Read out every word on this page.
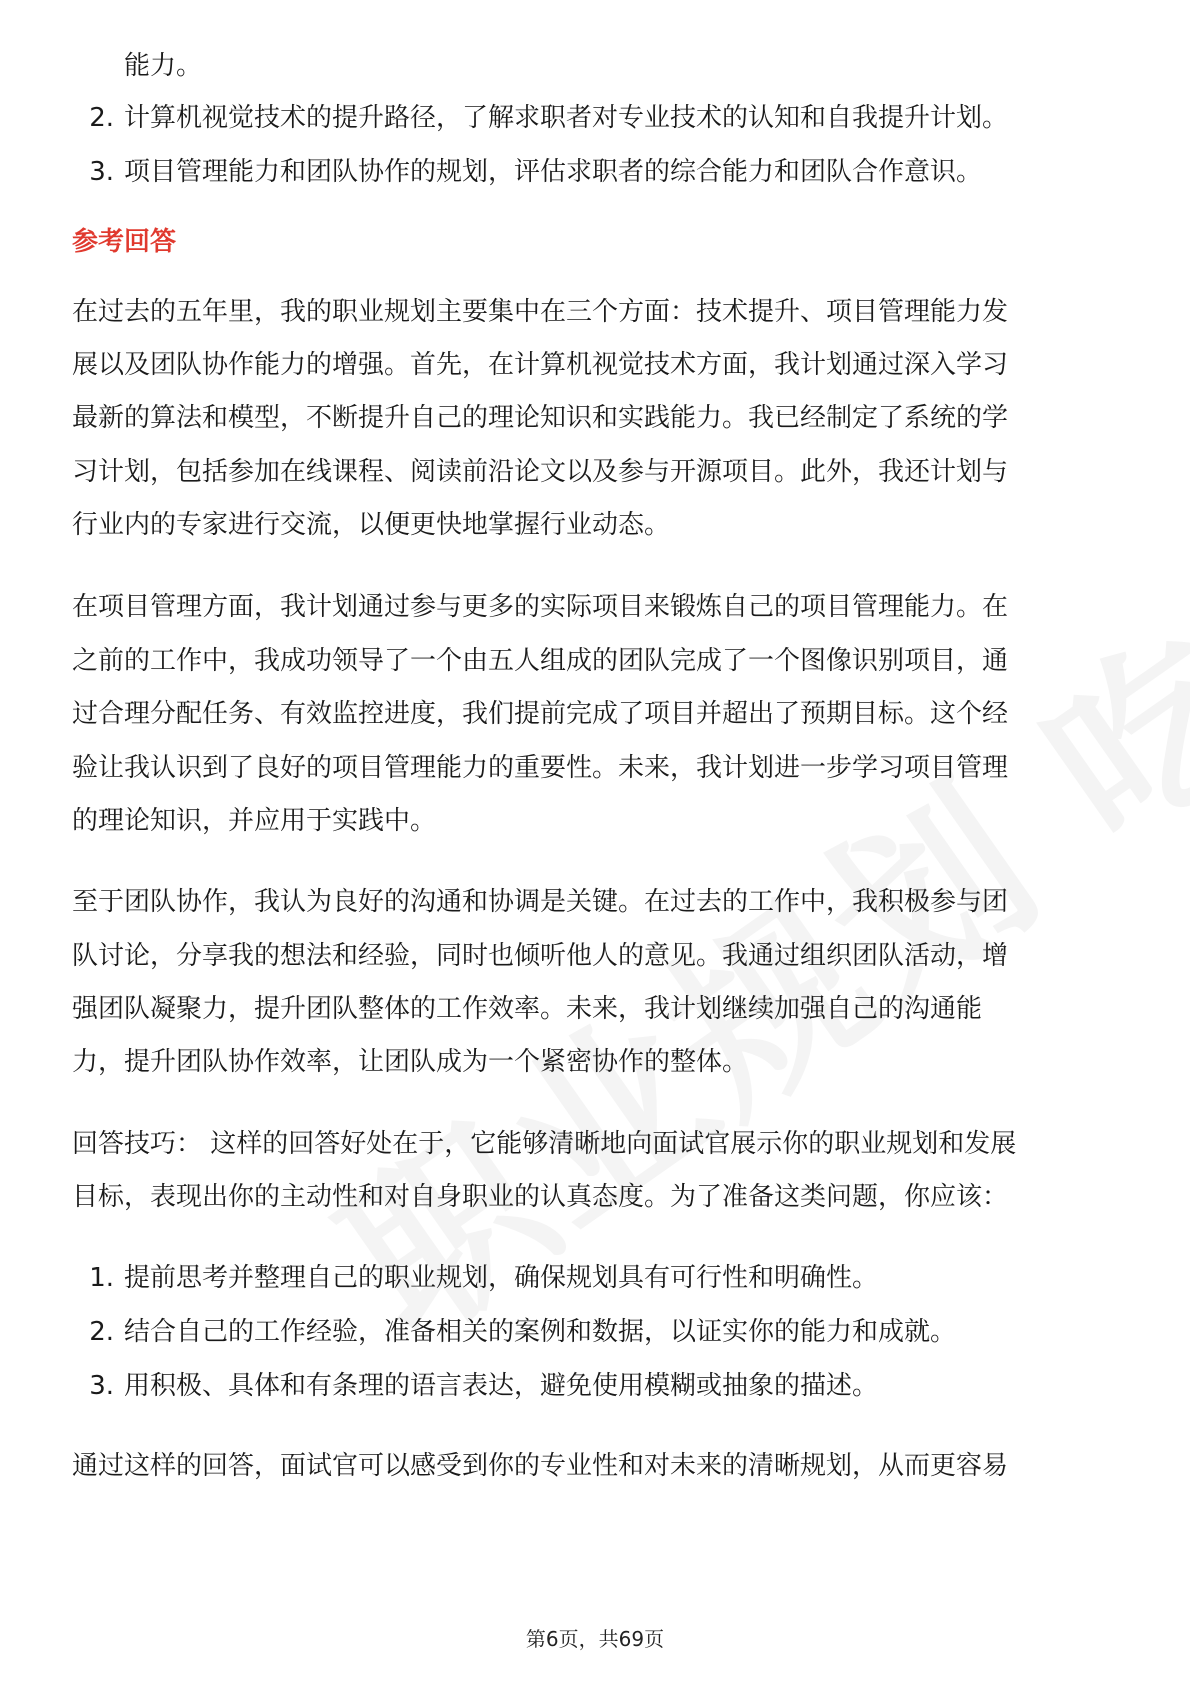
能力。
2. 计算机视觉技术的提升路径，了解求职者对专业技术的认知和自我提升计划。
3. 项目管理能力和团队协作的规划，评估求职者的综合能力和团队合作意识。
参考回答
在过去的五年里，我的职业规划主要集中在三个方面：技术提升、项目管理能力发
展以及团队协作能力的增强。首先，在计算机视觉技术方面，我计划通过深入学习
最新的算法和模型，不断提升自己的理论知识和实践能力。我已经制定了系统的学
习计划，包括参加在线课程、阅读前沿论文以及参与开源项目。此外，我还计划与
行业内的专家进行交流，以便更快地掌握行业动态。
在项目管理方面，我计划通过参与更多的实际项目来锻炼自己的项目管理能力。在
之前的工作中，我成功领导了一个由五人组成的团队完成了一个图像识别项目，通
过合理分配任务、有效监控进度，我们提前完成了项目并超出了预期目标。这个经
验让我认识到了良好的项目管理能力的重要性。未来，我计划进一步学习项目管理
的理论知识，并应用于实践中。
至于团队协作，我认为良好的沟通和协调是关键。在过去的工作中，我积极参与团
队讨论，分享我的想法和经验，同时也倾听他人的意见。我通过组织团队活动，增
强团队凝聚力，提升团队整体的工作效率。未来，我计划继续加强自己的沟通能
力，提升团队协作效率，让团队成为一个紧密协作的整体。
回答技巧： 这样的回答好处在于，它能够清晰地向面试官展示你的职业规划和发展
目标，表现出你的主动性和对自身职业的认真态度。为了准备这类问题，你应该：
1. 提前思考并整理自己的职业规划，确保规划具有可行性和明确性。
2. 结合自己的工作经验，准备相关的案例和数据，以证实你的能力和成就。
3. 用积极、具体和有条理的语言表达，避免使用模糊或抽象的描述。
通过这样的回答，面试官可以感受到你的专业性和对未来的清晰规划，从而更容易
第6页，共69页
